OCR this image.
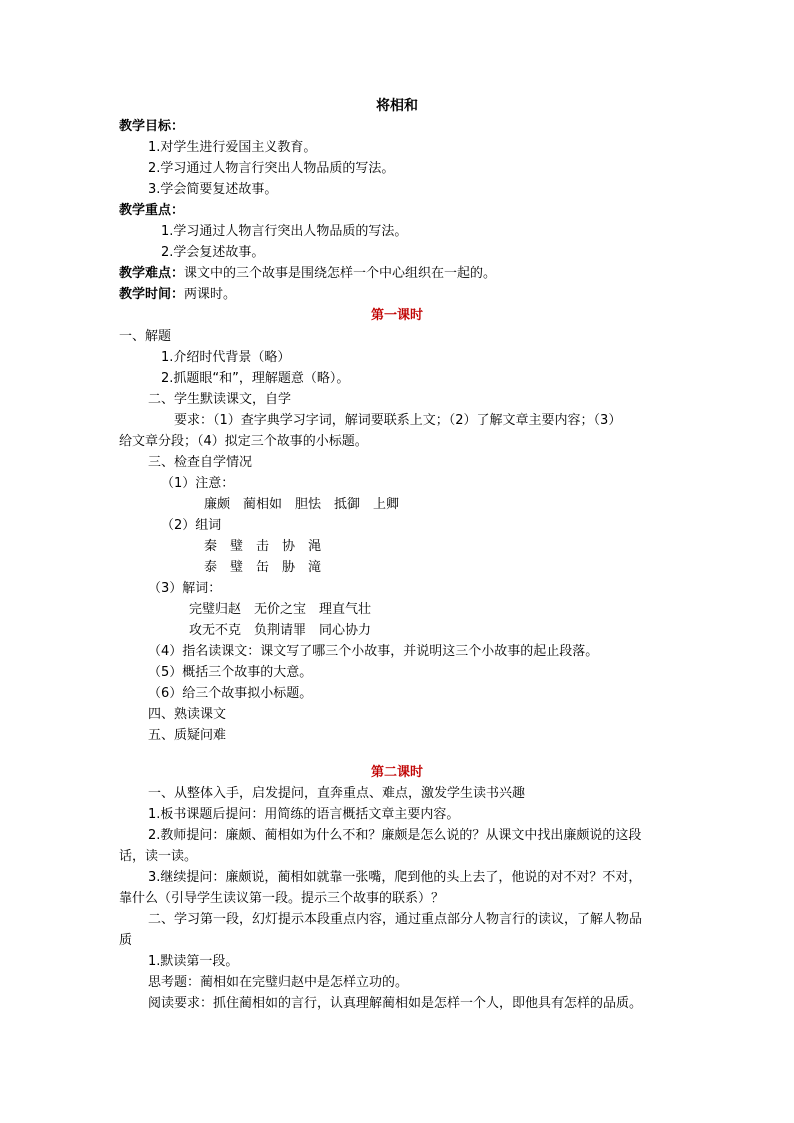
将相和
教学目标：
1.对学生进行爱国主义教育。
2.学习通过人物言行突出人物品质的写法。
3.学会简要复述故事。
教学重点：
1.学习通过人物言行突出人物品质的写法。
2.学会复述故事。
教学难点：课文中的三个故事是围绕怎样一个中心组织在一起的。
教学时间：两课时。
第一课时
一、解题
1.介绍时代背景（略）
2.抓题眼“和”，理解题意（略）。
二、学生默读课文，自学
要求：（1）查字典学习字词，解词要联系上文；（2）了解文章主要内容；（3）
给文章分段；（4）拟定三个故事的小标题。
三、检查自学情况
（1）注意：
廉颇　蔺相如　胆怯　抵御　上卿
（2）组词
秦　璧　击　协　渑
泰　璧　缶　胁　滝
（3）解词：
完璧归赵　无价之宝　理直气壮
攻无不克　负荆请罪　同心协力
（4）指名读课文：课文写了哪三个小故事，并说明这三个小故事的起止段落。
（5）概括三个故事的大意。
（6）给三个故事拟小标题。
四、熟读课文
五、质疑问难
第二课时
一、从整体入手，启发提问，直奔重点、难点，激发学生读书兴趣
1.板书课题后提问：用简练的语言概括文章主要内容。
2.教师提问：廉颇、蔺相如为什么不和？廉颇是怎么说的？从课文中找出廉颇说的这段
话，读一读。
3.继续提问：廉颇说，蔺相如就靠一张嘴，爬到他的头上去了，他说的对不对？不对，
靠什么（引导学生读议第一段。提示三个故事的联系）？
二、学习第一段，幻灯提示本段重点内容，通过重点部分人物言行的读议，了解人物品
质
1.默读第一段。
思考题：蔺相如在完璧归赵中是怎样立功的。
阅读要求：抓住蔺相如的言行，认真理解蔺相如是怎样一个人，即他具有怎样的品质。
